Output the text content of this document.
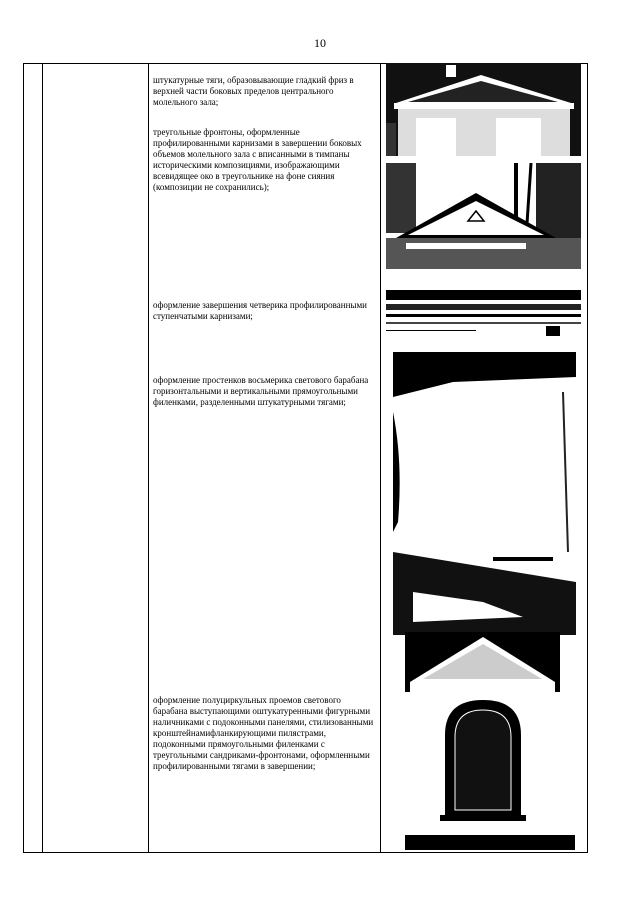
10
штукатурные тяги, образовывающие гладкий фриз в верхней части боковых пределов центрального молельного зала;
треугольные фронтоны, оформленные профилированными карнизами в завершении боковых объемов молельного зала с вписанными в тимпаны историческими композициями, изображающими всевидящее око в треугольнике на фоне сияния (композиции не сохранились);
оформление завершения четверика профилированными ступенчатыми карнизами;
оформление простенков восьмерика светового барабана горизонтальными и вертикальными прямоугольными филенками, разделенными штукатурными тягами;
оформление полуциркульных проемов светового барабана выступающими оштукатуренными фигурными наличниками с подоконными панелями, стилизованными кронштейнамифланкирующими пилястрами, подоконными прямоугольными филенками с треугольными сандриками-фронтонами, оформленными профилированными тягами в завершении;
